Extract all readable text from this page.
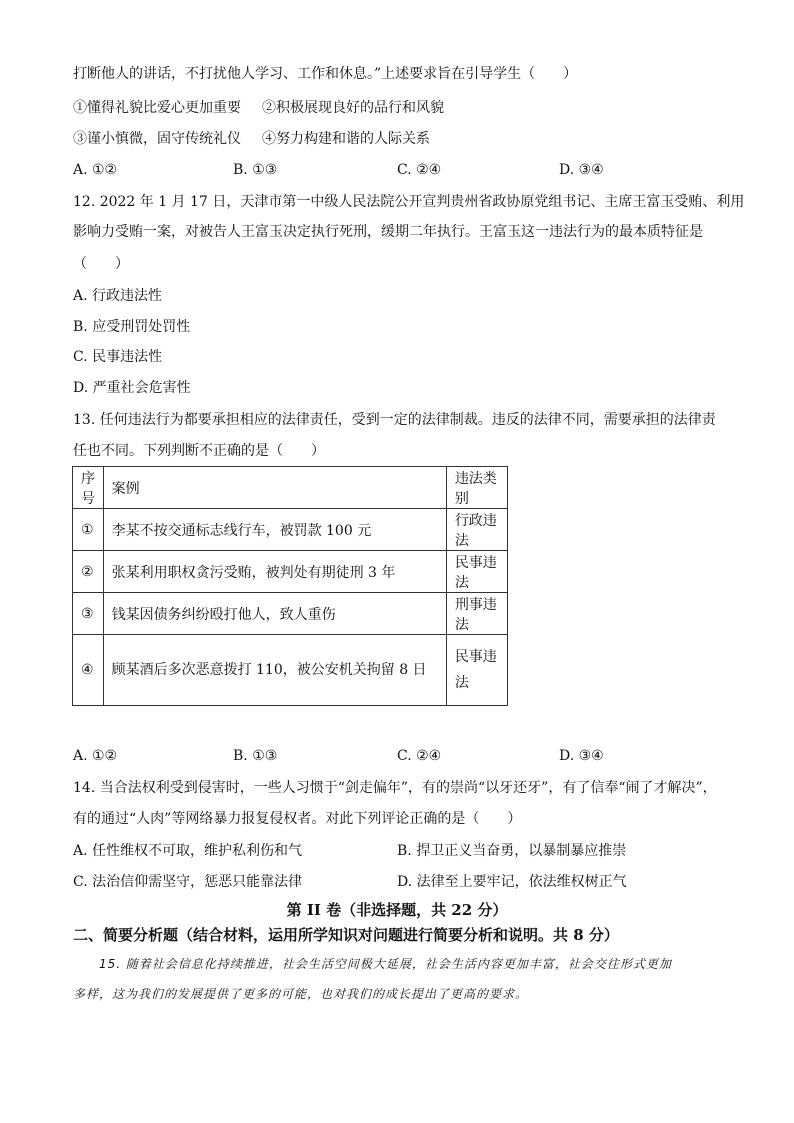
打断他人的讲话，不打扰他人学习、工作和休息。”上述要求旨在引导学生（　　）
①懂得礼貌比爱心更加重要 ②积极展现良好的品行和风貌
③谨小慎微，固守传统礼仪 ④努力构建和谐的人际关系
A. ①②	B. ①③	C. ②④	D. ③④
12. 2022 年 1 月 17 日，天津市第一中级人民法院公开宣判贵州省政协原党组书记、主席王富玉受贿、利用
影响力受贿一案，对被告人王富玉决定执行死刑，缓期二年执行。王富玉这一违法行为的最本质特征是
（　　）
A. 行政违法性
B. 应受刑罚处罚性
C. 民事违法性
D. 严重社会危害性
13. 任何违法行为都要承担相应的法律责任，受到一定的法律制裁。违反的法律不同，需要承担的法律责
任也不同。下列判断不正确的是（　　）
序号	案例	违法类别
①	李某不按交通标志线行车，被罚款 100 元	行政违法
②	张某利用职权贪污受贿，被判处有期徒刑 3 年	民事违法
③	钱某因债务纠纷殴打他人，致人重伤	刑事违法
④	顾某酒后多次恶意拨打 110，被公安机关拘留 8 日	民事违法
A. ①②	B. ①③	C. ②④	D. ③④
14. 当合法权利受到侵害时，一些人习惯于“剑走偏年”，有的崇尚“以牙还牙”，有了信奉“闹了才解决”，
有的通过“人肉”等网络暴力报复侵权者。对此下列评论正确的是（　　）
A. 任性维权不可取，维护私利伤和气	B. 捍卫正义当奋勇，以暴制暴应推崇
C. 法治信仰需坚守，惩恶只能靠法律	D. 法律至上要牢记，依法维权树正气
第 II 卷（非选择题，共 22 分）
二、简要分析题（结合材料，运用所学知识对问题进行简要分析和说明。共 8 分）
15. 随着社会信息化持续推进，社会生活空间极大延展，社会生活内容更加丰富，社会交往形式更加
多样，这为我们的发展提供了更多的可能，也对我们的成长提出了更高的要求。
